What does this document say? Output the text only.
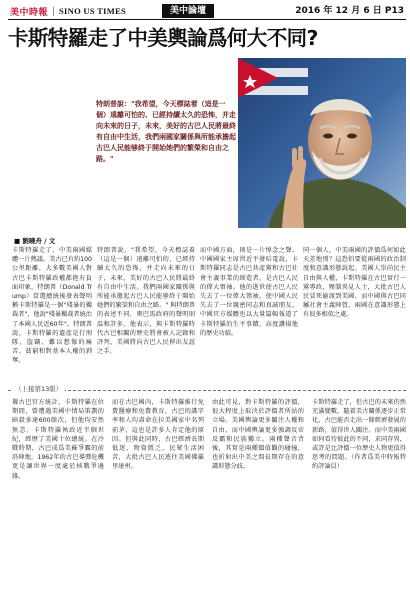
美中時報 SINO US TIMES	美中論壇	2016 年 12 月 6 日 P13
卡斯特羅走了中美輿論爲何大不同?
特朗普說："我希望，今天標誌着（這是一個）遠離可怕的、已經持續太久的恐怖，并走向未來的日子，未來，美好的古巴人民將最終有自由中生活，我們兩國家關係與所能承擔起古巴人民能够終于開始她們的繁榮和自由之路。"
■ 劉曉舟 / 文
卡斯特羅走了，中美兩國媒體一片熱議。美古已有約100公里距離，大多數美國人對古巴卡斯特羅政權都抱有負面印象，特朗普（Donald Trump）當選總統後發表聲明稱卡斯特羅是一個"殘暴的獨裁者"，他說"殘暴獨裁者統治了本國人民近60年"。特朗普說，卡斯特羅的遺產是行刑隊、盜竊、難以想像的痛苦、貧窮和對基本人權的剝奪。
特朗普說，"我希望，今天標誌着（這是一個）遠離可怕的、已經持續太久的恐怖，并走向未來的日子，未來，美好的古巴人民將最終有自由中生活。我們兩國家關係與所能承擔起古巴人民能够終于開始她們的繁榮和自由之路。" 與特朗普的表述不同，奧巴馬政府的聲明則温和許多。他表示，與卡斯特羅時代古巴相關的歷史將會被人記錄和評判，美國將向古巴人民伸出友誼之手。
而中國方面，則是一片悼念之聲。中國國家主席習近平發唁電說，卡斯特羅同志是古巴共產黨和古巴社會主義事業的締造者，是古巴人民的偉大領袖。他的逝世使古巴人民失去了一位偉大領袖，使中國人民失去了一位親密同志和真誠朋友。中國官方媒體也以大量篇幅報道了卡斯特羅的生平事蹟，高度讚揚他的歷史功績。
同一個人，中美兩國的評價爲何如此天差地別？這恐怕要從兩國的政治制度和意識形態說起。美國人崇尚民主自由與人權，卡斯特羅在古巴實行一黨專政，壓制異見人士，大批古巴人民冒死偷渡到美國。而中國與古巴同屬社會主義陣營，兩國在意識形態上有很多相似之處。
（上接第13版）
據古巴官方統計，卡斯特羅在位期間，曾遭遇美國中情局策劃的暗殺多達600餘次，但他均安然無恙。卡斯特羅執政近半個世紀，經歷了美國十位總統。在冷戰時期，古巴成爲美蘇爭霸的前沿陣地，1962年的古巴導彈危機更是讓世界一度處於核戰爭邊緣。
而在古巴國內，卡斯特羅推行免費醫療和免費教育，古巴的識字率和人均壽命在拉美國家中名列前茅，這也是許多人肯定他的原因。但與此同時，古巴經濟長期低迷，物資匱乏，民眾生活困苦，大批古巴人民逃往美國佛羅里達州。
由此可見，對卡斯特羅的評價，很大程度上取決於評價者所站的立場。美國輿論更多關注人權和自由，而中國輿論更多強調反帝反霸和民族獨立。兩種聲音背後，其實是兩種價值觀的碰撞，也折射出中美之間長期存在的意識形態分歧。
卡斯特羅走了，但古巴的未來仍然充滿變數。隨着美古關係逐步正常化，古巴能否走出一條經濟發展的新路，值得世人關注。而中美兩國如何看待彼此的不同，求同存異，或許是比評價一位歷史人物更值得思考的問題。（作者爲美中時報特約評論員）
